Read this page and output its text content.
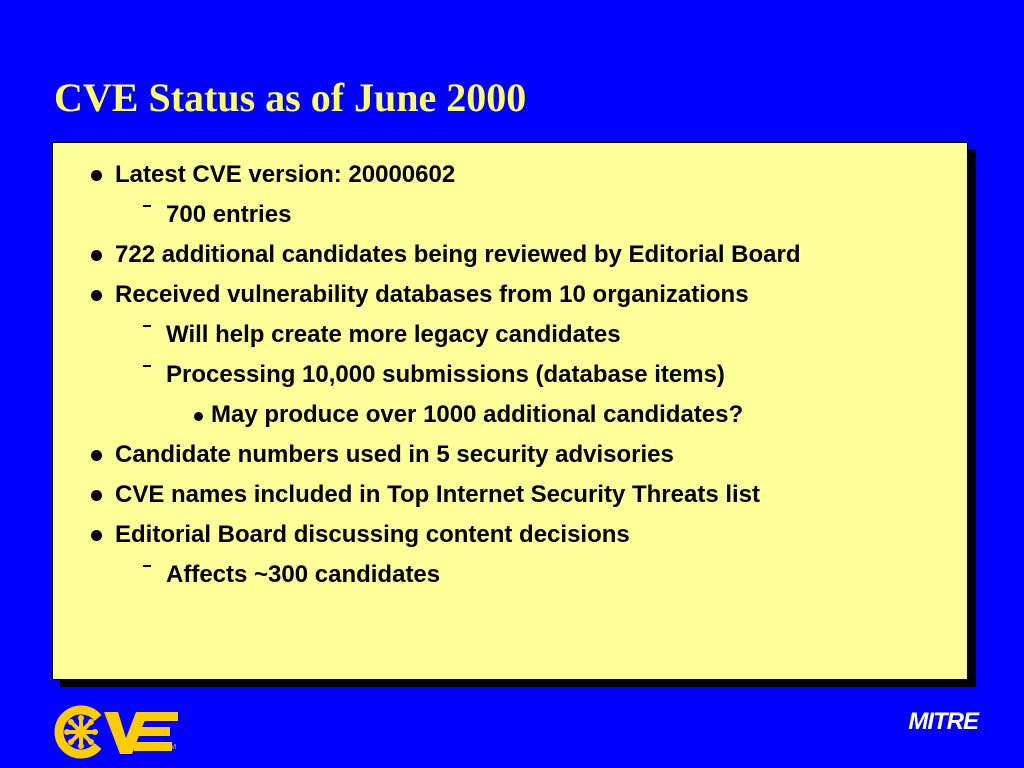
CVE Status as of June 2000
Latest CVE version: 20000602
700 entries
722 additional candidates being reviewed by Editorial Board
Received vulnerability databases from 10 organizations
Will help create more legacy candidates
Processing 10,000 submissions (database items)
May produce over 1000 additional candidates?
Candidate numbers used in 5 security advisories
CVE names included in Top Internet Security Threats list
Editorial Board discussing content decisions
Affects ~300 candidates
TM
MITRE
